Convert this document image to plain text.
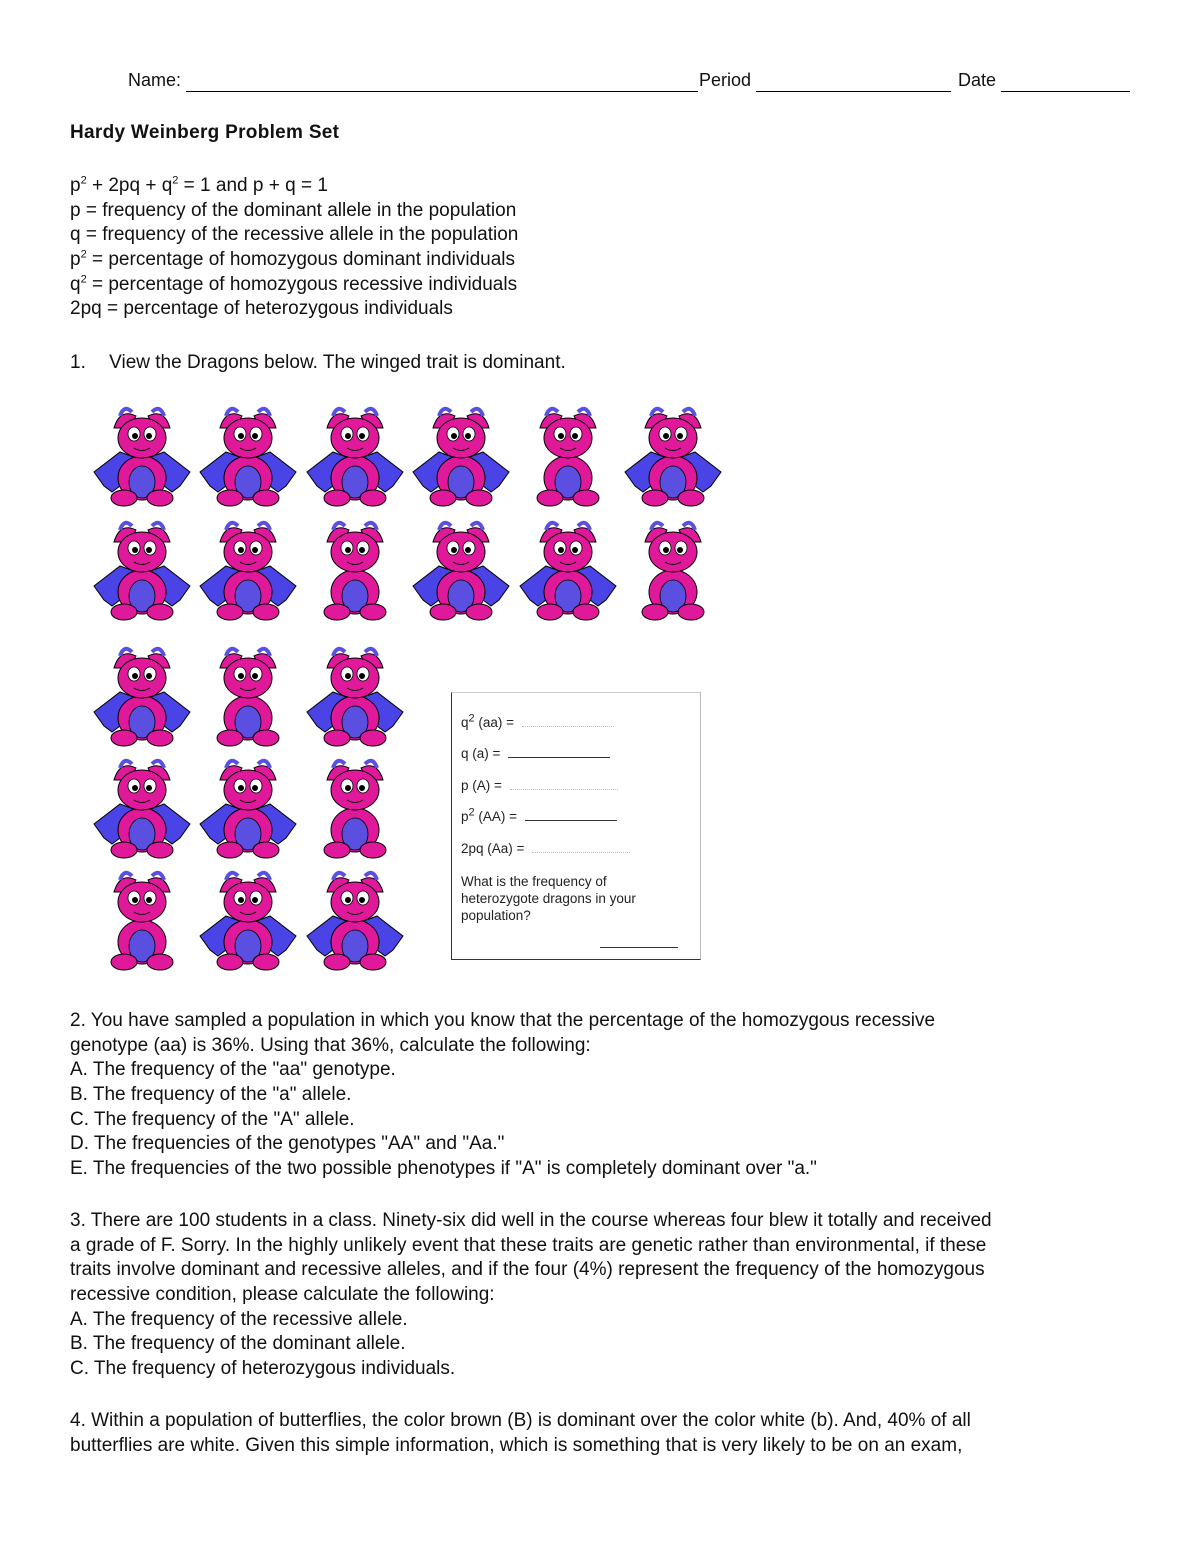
Name:	Period	Date
Hardy Weinberg Problem Set
$p^2 + 2pq + q^2 = 1$ and p + q = 1
p = frequency of the dominant allele in the population
q = frequency of the recessive allele in the population
$p^2$ = percentage of homozygous dominant individuals
$q^2$ = percentage of homozygous recessive individuals
2pq = percentage of heterozygous individuals
1. View the Dragons below. The winged trait is dominant.
$q^2$ (aa) =
q (a) =
p (A) =
$p^2$ (AA) =
2pq (Aa) =
What is the frequency of heterozygote dragons in your population?
2. You have sampled a population in which you know that the percentage of the homozygous recessive
genotype (aa) is 36%. Using that 36%, calculate the following:
A. The frequency of the "aa" genotype.
B. The frequency of the "a" allele.
C. The frequency of the "A" allele.
D. The frequencies of the genotypes "AA" and "Aa."
E. The frequencies of the two possible phenotypes if "A" is completely dominant over "a."
3. There are 100 students in a class. Ninety-six did well in the course whereas four blew it totally and received
a grade of F. Sorry. In the highly unlikely event that these traits are genetic rather than environmental, if these
traits involve dominant and recessive alleles, and if the four (4%) represent the frequency of the homozygous
recessive condition, please calculate the following:
A. The frequency of the recessive allele.
B. The frequency of the dominant allele.
C. The frequency of heterozygous individuals.
4. Within a population of butterflies, the color brown (B) is dominant over the color white (b). And, 40% of all
butterflies are white. Given this simple information, which is something that is very likely to be on an exam,
